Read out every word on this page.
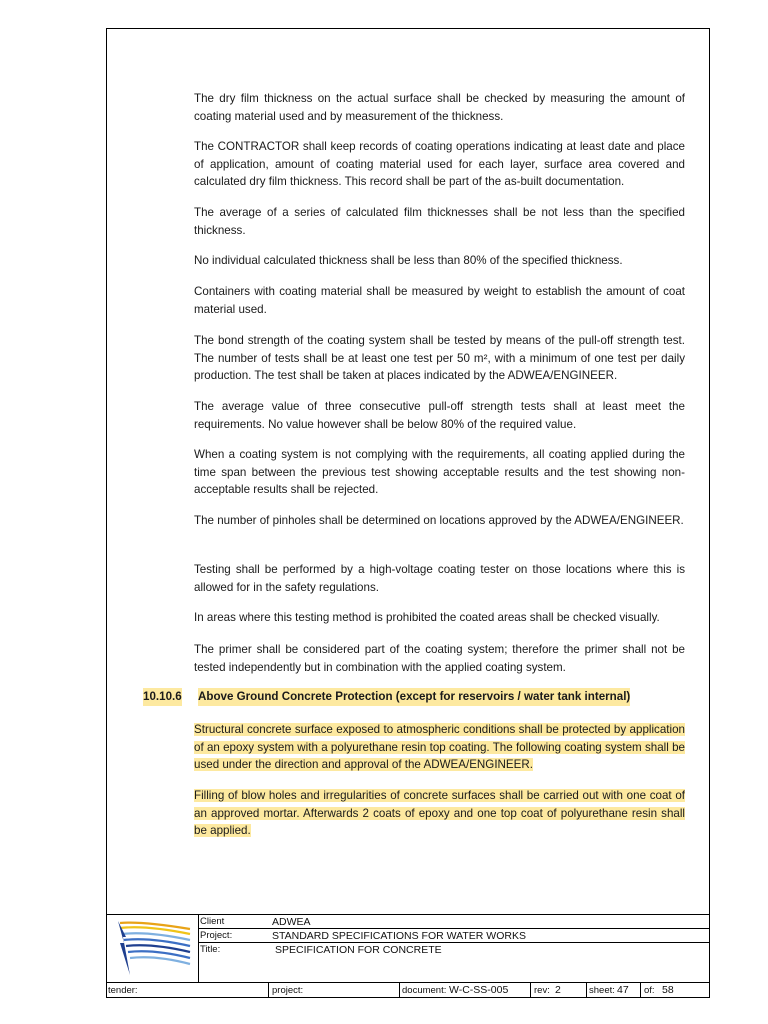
The dry film thickness on the actual surface shall be checked by measuring the amount of coating material used and by measurement of the thickness.

The CONTRACTOR shall keep records of coating operations indicating at least date and place of application, amount of coating material used for each layer, surface area covered and calculated dry film thickness. This record shall be part of the as-built documentation.

The average of a series of calculated film thicknesses shall be not less than the specified thickness.

No individual calculated thickness shall be less than 80% of the specified thickness.

Containers with coating material shall be measured by weight to establish the amount of coat material used.

The bond strength of the coating system shall be tested by means of the pull-off strength test. The number of tests shall be at least one test per 50 m², with a minimum of one test per daily production. The test shall be taken at places indicated by the ADWEA/ENGINEER.

The average value of three consecutive pull-off strength tests shall at least meet the requirements. No value however shall be below 80% of the required value.

When a coating system is not complying with the requirements, all coating applied during the time span between the previous test showing acceptable results and the test showing non-acceptable results shall be rejected.

The number of pinholes shall be determined on locations approved by the ADWEA/ENGINEER.

Testing shall be performed by a high-voltage coating tester on those locations where this is allowed for in the safety regulations.

In areas where this testing method is prohibited the coated areas shall be checked visually.

The primer shall be considered part of the coating system; therefore the primer shall not be tested independently but in combination with the applied coating system.

10.10.6 Above Ground Concrete Protection (except for reservoirs / water tank internal)

Structural concrete surface exposed to atmospheric conditions shall be protected by application of an epoxy system with a polyurethane resin top coating. The following coating system shall be used under the direction and approval of the ADWEA/ENGINEER.

Filling of blow holes and irregularities of concrete surfaces shall be carried out with one coat of an approved mortar. Afterwards 2 coats of epoxy and one top coat of polyurethane resin shall be applied.

Client	ADWEA
Project:	STANDARD SPECIFICATIONS FOR WATER WORKS
Title:	SPECIFICATION FOR CONCRETE
tender:	project:	document: W-C-SS-005	rev: 2	sheet: 47 of: 58
